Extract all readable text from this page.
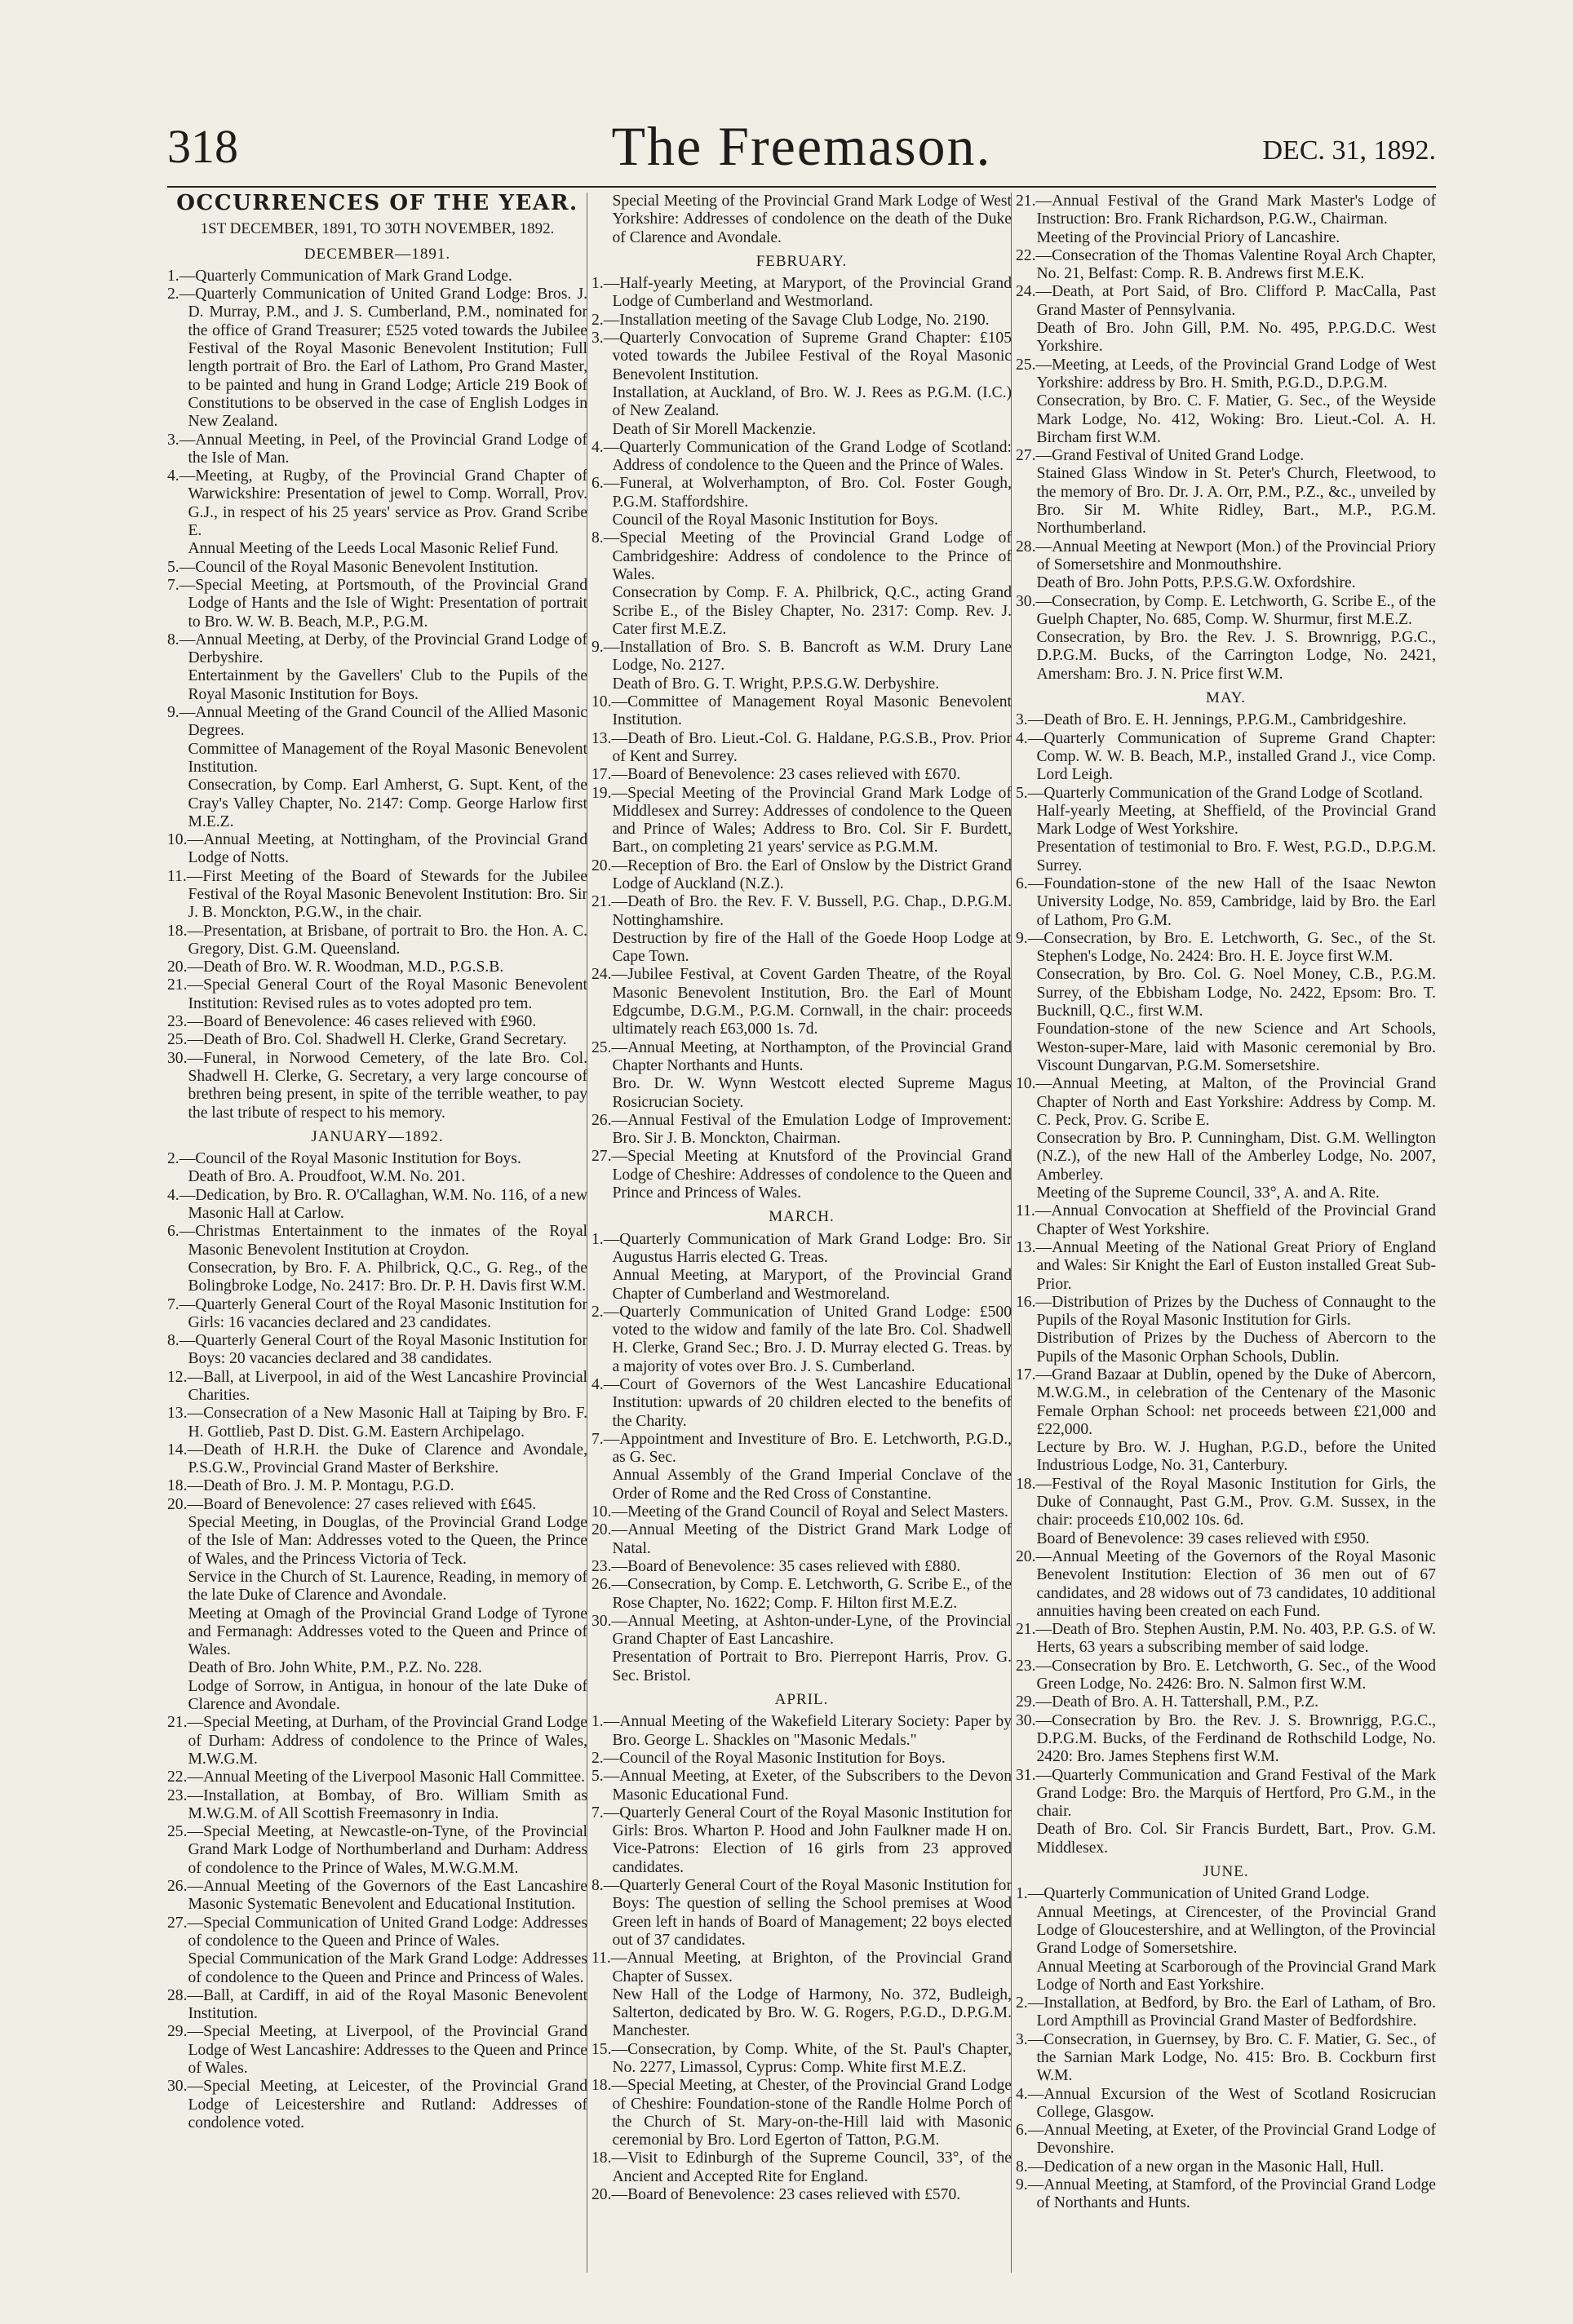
318	The Freemason.	DEC. 31, 1892.
OCCURRENCES OF THE YEAR.
1ST DECEMBER, 1891, TO 30TH NOVEMBER, 1892.

DECEMBER—1891.

1.—Quarterly Communication of Mark Grand Lodge.

2.—Quarterly Communication of United Grand Lodge: Bros. J. D. Murray, P.M., and J. S. Cumberland, P.M., nominated for the office of Grand Treasurer; £525 voted towards the Jubilee Festival of the Royal Masonic Benevolent Institution; Full length portrait of Bro. the Earl of Lathom, Pro Grand Master, to be painted and hung in Grand Lodge; Article 219 Book of Constitutions to be observed in the case of English Lodges in New Zealand.

3.—Annual Meeting, in Peel, of the Provincial Grand Lodge of the Isle of Man.

4.—Meeting, at Rugby, of the Provincial Grand Chapter of Warwickshire: Presentation of jewel to Comp. Worrall, Prov. G.J., in respect of his 25 years' service as Prov. Grand Scribe E.

Annual Meeting of the Leeds Local Masonic Relief Fund.

5.—Council of the Royal Masonic Benevolent Institution.

7.—Special Meeting, at Portsmouth, of the Provincial Grand Lodge of Hants and the Isle of Wight: Presentation of portrait to Bro. W. W. B. Beach, M.P., P.G.M.

8.—Annual Meeting, at Derby, of the Provincial Grand Lodge of Derbyshire.

Entertainment by the Gavellers' Club to the Pupils of the Royal Masonic Institution for Boys.

9.—Annual Meeting of the Grand Council of the Allied Masonic Degrees.

Committee of Management of the Royal Masonic Benevolent Institution.

Consecration, by Comp. Earl Amherst, G. Supt. Kent, of the Cray's Valley Chapter, No. 2147: Comp. George Harlow first M.E.Z.

10.—Annual Meeting, at Nottingham, of the Provincial Grand Lodge of Notts.

11.—First Meeting of the Board of Stewards for the Jubilee Festival of the Royal Masonic Benevolent Institution: Bro. Sir J. B. Monckton, P.G.W., in the chair.

18.—Presentation, at Brisbane, of portrait to Bro. the Hon. A. C. Gregory, Dist. G.M. Queensland.

20.—Death of Bro. W. R. Woodman, M.D., P.G.S.B.

21.—Special General Court of the Royal Masonic Benevolent Institution: Revised rules as to votes adopted pro tem.

23.—Board of Benevolence: 46 cases relieved with £960.

25.—Death of Bro. Col. Shadwell H. Clerke, Grand Secretary.

30.—Funeral, in Norwood Cemetery, of the late Bro. Col. Shadwell H. Clerke, G. Secretary, a very large concourse of brethren being present, in spite of the terrible weather, to pay the last tribute of respect to his memory.

JANUARY—1892.

2.—Council of the Royal Masonic Institution for Boys.

Death of Bro. A. Proudfoot, W.M. No. 201.

4.—Dedication, by Bro. R. O'Callaghan, W.M. No. 116, of a new Masonic Hall at Carlow.

6.—Christmas Entertainment to the inmates of the Royal Masonic Benevolent Institution at Croydon.

Consecration, by Bro. F. A. Philbrick, Q.C., G. Reg., of the Bolingbroke Lodge, No. 2417: Bro. Dr. P. H. Davis first W.M.

7.—Quarterly General Court of the Royal Masonic Institution for Girls: 16 vacancies declared and 23 candidates.

8.—Quarterly General Court of the Royal Masonic Institution for Boys: 20 vacancies declared and 38 candidates.

12.—Ball, at Liverpool, in aid of the West Lancashire Provincial Charities.

13.—Consecration of a New Masonic Hall at Taiping by Bro. F. H. Gottlieb, Past D. Dist. G.M. Eastern Archipelago.

14.—Death of H.R.H. the Duke of Clarence and Avondale, P.S.G.W., Provincial Grand Master of Berkshire.

18.—Death of Bro. J. M. P. Montagu, P.G.D.

20.—Board of Benevolence: 27 cases relieved with £645.

Special Meeting, in Douglas, of the Provincial Grand Lodge of the Isle of Man: Addresses voted to the Queen, the Prince of Wales, and the Princess Victoria of Teck.

Service in the Church of St. Laurence, Reading, in memory of the late Duke of Clarence and Avondale.

Meeting at Omagh of the Provincial Grand Lodge of Tyrone and Fermanagh: Addresses voted to the Queen and Prince of Wales.

Death of Bro. John White, P.M., P.Z. No. 228.

Lodge of Sorrow, in Antigua, in honour of the late Duke of Clarence and Avondale.

21.—Special Meeting, at Durham, of the Provincial Grand Lodge of Durham: Address of condolence to the Prince of Wales, M.W.G.M.

22.—Annual Meeting of the Liverpool Masonic Hall Committee.

23.—Installation, at Bombay, of Bro. William Smith as M.W.G.M. of All Scottish Freemasonry in India.

25.—Special Meeting, at Newcastle-on-Tyne, of the Provincial Grand Mark Lodge of Northumberland and Durham: Address of condolence to the Prince of Wales, M.W.G.M.M.

26.—Annual Meeting of the Governors of the East Lancashire Masonic Systematic Benevolent and Educational Institution.

27.—Special Communication of United Grand Lodge: Addresses of condolence to the Queen and Prince of Wales.

Special Communication of the Mark Grand Lodge: Addresses of condolence to the Queen and Prince and Princess of Wales.

28.—Ball, at Cardiff, in aid of the Royal Masonic Benevolent Institution.

29.—Special Meeting, at Liverpool, of the Provincial Grand Lodge of West Lancashire: Addresses to the Queen and Prince of Wales.

30.—Special Meeting, at Leicester, of the Provincial Grand Lodge of Leicestershire and Rutland: Addresses of condolence voted.

Special Meeting of the Provincial Grand Mark Lodge of West Yorkshire: Addresses of condolence on the death of the Duke of Clarence and Avondale.

FEBRUARY.

1.—Half-yearly Meeting, at Maryport, of the Provincial Grand Lodge of Cumberland and Westmorland.

2.—Installation meeting of the Savage Club Lodge, No. 2190.

3.—Quarterly Convocation of Supreme Grand Chapter: £105 voted towards the Jubilee Festival of the Royal Masonic Benevolent Institution.

Installation, at Auckland, of Bro. W. J. Rees as P.G.M. (I.C.) of New Zealand.

Death of Sir Morell Mackenzie.

4.—Quarterly Communication of the Grand Lodge of Scotland: Address of condolence to the Queen and the Prince of Wales.

6.—Funeral, at Wolverhampton, of Bro. Col. Foster Gough, P.G.M. Staffordshire.

Council of the Royal Masonic Institution for Boys.

8.—Special Meeting of the Provincial Grand Lodge of Cambridgeshire: Address of condolence to the Prince of Wales.

Consecration by Comp. F. A. Philbrick, Q.C., acting Grand Scribe E., of the Bisley Chapter, No. 2317: Comp. Rev. J. Cater first M.E.Z.

9.—Installation of Bro. S. B. Bancroft as W.M. Drury Lane Lodge, No. 2127.

Death of Bro. G. T. Wright, P.P.S.G.W. Derbyshire.

10.—Committee of Management Royal Masonic Benevolent Institution.

13.—Death of Bro. Lieut.-Col. G. Haldane, P.G.S.B., Prov. Prior of Kent and Surrey.

17.—Board of Benevolence: 23 cases relieved with £670.

19.—Special Meeting of the Provincial Grand Mark Lodge of Middlesex and Surrey: Addresses of condolence to the Queen and Prince of Wales; Address to Bro. Col. Sir F. Burdett, Bart., on completing 21 years' service as P.G.M.M.

20.—Reception of Bro. the Earl of Onslow by the District Grand Lodge of Auckland (N.Z.).

21.—Death of Bro. the Rev. F. V. Bussell, P.G. Chap., D.P.G.M. Nottinghamshire.

Destruction by fire of the Hall of the Goede Hoop Lodge at Cape Town.

24.—Jubilee Festival, at Covent Garden Theatre, of the Royal Masonic Benevolent Institution, Bro. the Earl of Mount Edgcumbe, D.G.M., P.G.M. Cornwall, in the chair: proceeds ultimately reach £63,000 1s. 7d.

25.—Annual Meeting, at Northampton, of the Provincial Grand Chapter Northants and Hunts.

Bro. Dr. W. Wynn Westcott elected Supreme Magus Rosicrucian Society.

26.—Annual Festival of the Emulation Lodge of Improvement: Bro. Sir J. B. Monckton, Chairman.

27.—Special Meeting at Knutsford of the Provincial Grand Lodge of Cheshire: Addresses of condolence to the Queen and Prince and Princess of Wales.

MARCH.

1.—Quarterly Communication of Mark Grand Lodge: Bro. Sir Augustus Harris elected G. Treas.

Annual Meeting, at Maryport, of the Provincial Grand Chapter of Cumberland and Westmoreland.

2.—Quarterly Communication of United Grand Lodge: £500 voted to the widow and family of the late Bro. Col. Shadwell H. Clerke, Grand Sec.; Bro. J. D. Murray elected G. Treas. by a majority of votes over Bro. J. S. Cumberland.

4.—Court of Governors of the West Lancashire Educational Institution: upwards of 20 children elected to the benefits of the Charity.

7.—Appointment and Investiture of Bro. E. Letchworth, P.G.D., as G. Sec.

Annual Assembly of the Grand Imperial Conclave of the Order of Rome and the Red Cross of Constantine.

10.—Meeting of the Grand Council of Royal and Select Masters.

20.—Annual Meeting of the District Grand Mark Lodge of Natal.

23.—Board of Benevolence: 35 cases relieved with £880.

26.—Consecration, by Comp. E. Letchworth, G. Scribe E., of the Rose Chapter, No. 1622; Comp. F. Hilton first M.E.Z.

30.—Annual Meeting, at Ashton-under-Lyne, of the Provincial Grand Chapter of East Lancashire.

Presentation of Portrait to Bro. Pierrepont Harris, Prov. G. Sec. Bristol.

APRIL.

1.—Annual Meeting of the Wakefield Literary Society: Paper by Bro. George L. Shackles on "Masonic Medals."

2.—Council of the Royal Masonic Institution for Boys.

5.—Annual Meeting, at Exeter, of the Subscribers to the Devon Masonic Educational Fund.

7.—Quarterly General Court of the Royal Masonic Institution for Girls: Bros. Wharton P. Hood and John Faulkner made H on. Vice-Patrons: Election of 16 girls from 23 approved candidates.

8.—Quarterly General Court of the Royal Masonic Institution for Boys: The question of selling the School premises at Wood Green left in hands of Board of Management; 22 boys elected out of 37 candidates.

11.—Annual Meeting, at Brighton, of the Provincial Grand Chapter of Sussex.

New Hall of the Lodge of Harmony, No. 372, Budleigh, Salterton, dedicated by Bro. W. G. Rogers, P.G.D., D.P.G.M. Manchester.

15.—Consecration, by Comp. White, of the St. Paul's Chapter, No. 2277, Limassol, Cyprus: Comp. White first M.E.Z.

18.—Special Meeting, at Chester, of the Provincial Grand Lodge of Cheshire: Foundation-stone of the Randle Holme Porch of the Church of St. Mary-on-the-Hill laid with Masonic ceremonial by Bro. Lord Egerton of Tatton, P.G.M.

18.—Visit to Edinburgh of the Supreme Council, 33°, of the Ancient and Accepted Rite for England.

20.—Board of Benevolence: 23 cases relieved with £570.

21.—Annual Festival of the Grand Mark Master's Lodge of Instruction: Bro. Frank Richardson, P.G.W., Chairman.

Meeting of the Provincial Priory of Lancashire.

22.—Consecration of the Thomas Valentine Royal Arch Chapter, No. 21, Belfast: Comp. R. B. Andrews first M.E.K.

24.—Death, at Port Said, of Bro. Clifford P. MacCalla, Past Grand Master of Pennsylvania.

Death of Bro. John Gill, P.M. No. 495, P.P.G.D.C. West Yorkshire.

25.—Meeting, at Leeds, of the Provincial Grand Lodge of West Yorkshire: address by Bro. H. Smith, P.G.D., D.P.G.M.

Consecration, by Bro. C. F. Matier, G. Sec., of the Weyside Mark Lodge, No. 412, Woking: Bro. Lieut.-Col. A. H. Bircham first W.M.

27.—Grand Festival of United Grand Lodge.

Stained Glass Window in St. Peter's Church, Fleetwood, to the memory of Bro. Dr. J. A. Orr, P.M., P.Z., &c., unveiled by Bro. Sir M. White Ridley, Bart., M.P., P.G.M. Northumberland.

28.—Annual Meeting at Newport (Mon.) of the Provincial Priory of Somersetshire and Monmouthshire.

Death of Bro. John Potts, P.P.S.G.W. Oxfordshire.

30.—Consecration, by Comp. E. Letchworth, G. Scribe E., of the Guelph Chapter, No. 685, Comp. W. Shurmur, first M.E.Z.

Consecration, by Bro. the Rev. J. S. Brownrigg, P.G.C., D.P.G.M. Bucks, of the Carrington Lodge, No. 2421, Amersham: Bro. J. N. Price first W.M.

MAY.

3.—Death of Bro. E. H. Jennings, P.P.G.M., Cambridgeshire.

4.—Quarterly Communication of Supreme Grand Chapter: Comp. W. W. B. Beach, M.P., installed Grand J., vice Comp. Lord Leigh.

5.—Quarterly Communication of the Grand Lodge of Scotland.

Half-yearly Meeting, at Sheffield, of the Provincial Grand Mark Lodge of West Yorkshire.

Presentation of testimonial to Bro. F. West, P.G.D., D.P.G.M. Surrey.

6.—Foundation-stone of the new Hall of the Isaac Newton University Lodge, No. 859, Cambridge, laid by Bro. the Earl of Lathom, Pro G.M.

9.—Consecration, by Bro. E. Letchworth, G. Sec., of the St. Stephen's Lodge, No. 2424: Bro. H. E. Joyce first W.M.

Consecration, by Bro. Col. G. Noel Money, C.B., P.G.M. Surrey, of the Ebbisham Lodge, No. 2422, Epsom: Bro. T. Bucknill, Q.C., first W.M.

Foundation-stone of the new Science and Art Schools, Weston-super-Mare, laid with Masonic ceremonial by Bro. Viscount Dungarvan, P.G.M. Somersetshire.

10.—Annual Meeting, at Malton, of the Provincial Grand Chapter of North and East Yorkshire: Address by Comp. M. C. Peck, Prov. G. Scribe E.

Consecration by Bro. P. Cunningham, Dist. G.M. Wellington (N.Z.), of the new Hall of the Amberley Lodge, No. 2007, Amberley.

Meeting of the Supreme Council, 33°, A. and A. Rite.

11.—Annual Convocation at Sheffield of the Provincial Grand Chapter of West Yorkshire.

13.—Annual Meeting of the National Great Priory of England and Wales: Sir Knight the Earl of Euston installed Great Sub-Prior.

16.—Distribution of Prizes by the Duchess of Connaught to the Pupils of the Royal Masonic Institution for Girls.

Distribution of Prizes by the Duchess of Abercorn to the Pupils of the Masonic Orphan Schools, Dublin.

17.—Grand Bazaar at Dublin, opened by the Duke of Abercorn, M.W.G.M., in celebration of the Centenary of the Masonic Female Orphan School: net proceeds between £21,000 and £22,000.

Lecture by Bro. W. J. Hughan, P.G.D., before the United Industrious Lodge, No. 31, Canterbury.

18.—Festival of the Royal Masonic Institution for Girls, the Duke of Connaught, Past G.M., Prov. G.M. Sussex, in the chair: proceeds £10,002 10s. 6d.

Board of Benevolence: 39 cases relieved with £950.

20.—Annual Meeting of the Governors of the Royal Masonic Benevolent Institution: Election of 36 men out of 67 candidates, and 28 widows out of 73 candidates, 10 additional annuities having been created on each Fund.

21.—Death of Bro. Stephen Austin, P.M. No. 403, P.P. G.S. of W. Herts, 63 years a subscribing member of said lodge.

23.—Consecration by Bro. E. Letchworth, G. Sec., of the Wood Green Lodge, No. 2426: Bro. N. Salmon first W.M.

29.—Death of Bro. A. H. Tattershall, P.M., P.Z.

30.—Consecration by Bro. the Rev. J. S. Brownrigg, P.G.C., D.P.G.M. Bucks, of the Ferdinand de Rothschild Lodge, No. 2420: Bro. James Stephens first W.M.

31.—Quarterly Communication and Grand Festival of the Mark Grand Lodge: Bro. the Marquis of Hertford, Pro G.M., in the chair.

Death of Bro. Col. Sir Francis Burdett, Bart., Prov. G.M. Middlesex.

JUNE.

1.—Quarterly Communication of United Grand Lodge.

Annual Meetings, at Cirencester, of the Provincial Grand Lodge of Gloucestershire, and at Wellington, of the Provincial Grand Lodge of Somersetshire.

Annual Meeting at Scarborough of the Provincial Grand Mark Lodge of North and East Yorkshire.

2.—Installation, at Bedford, by Bro. the Earl of Latham, of Bro. Lord Ampthill as Provincial Grand Master of Bedfordshire.

3.—Consecration, in Guernsey, by Bro. C. F. Matier, G. Sec., of the Sarnian Mark Lodge, No. 415: Bro. B. Cockburn first W.M.

4.—Annual Excursion of the West of Scotland Rosicrucian College, Glasgow.

6.—Annual Meeting, at Exeter, of the Provincial Grand Lodge of Devonshire.

8.—Dedication of a new organ in the Masonic Hall, Hull.

9.—Annual Meeting, at Stamford, of the Provincial Grand Lodge of Northants and Hunts.
